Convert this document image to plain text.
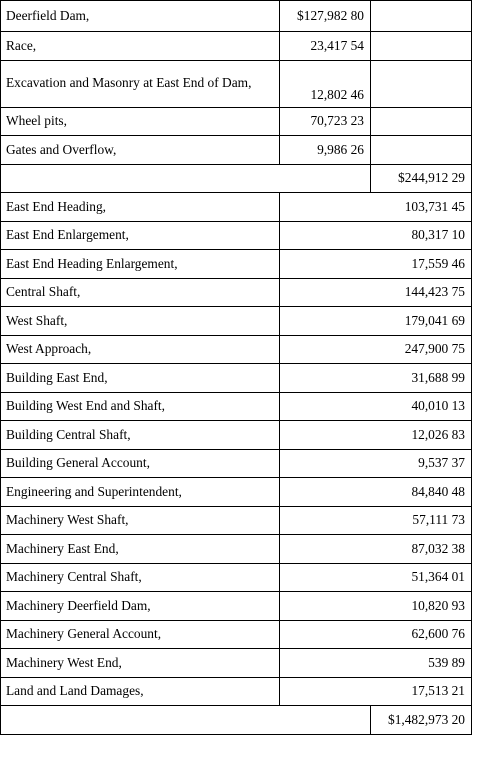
Deerfield Dam,	$127,982 80	
Race,	23,417 54	
Excavation and Masonry at East End of Dam,	12,802 46	
Wheel pits,	70,723 23	
Gates and Overflow,	9,986 26	
		$244,912 29
East End Heading,	103,731 45	
East End Enlargement,	80,317 10	
East End Heading Enlargement,	17,559 46	
Central Shaft,	144,423 75	
West Shaft,	179,041 69	
West Approach,	247,900 75	
Building East End,	31,688 99	
Building West End and Shaft,	40,010 13	
Building Central Shaft,	12,026 83	
Building General Account,	9,537 37	
Engineering and Superintendent,	84,840 48	
Machinery West Shaft,	57,111 73	
Machinery East End,	87,032 38	
Machinery Central Shaft,	51,364 01	
Machinery Deerfield Dam,	10,820 93	
Machinery General Account,	62,600 76	
Machinery West End,	539 89	
Land and Land Damages,	17,513 21	
		$1,482,973 20
